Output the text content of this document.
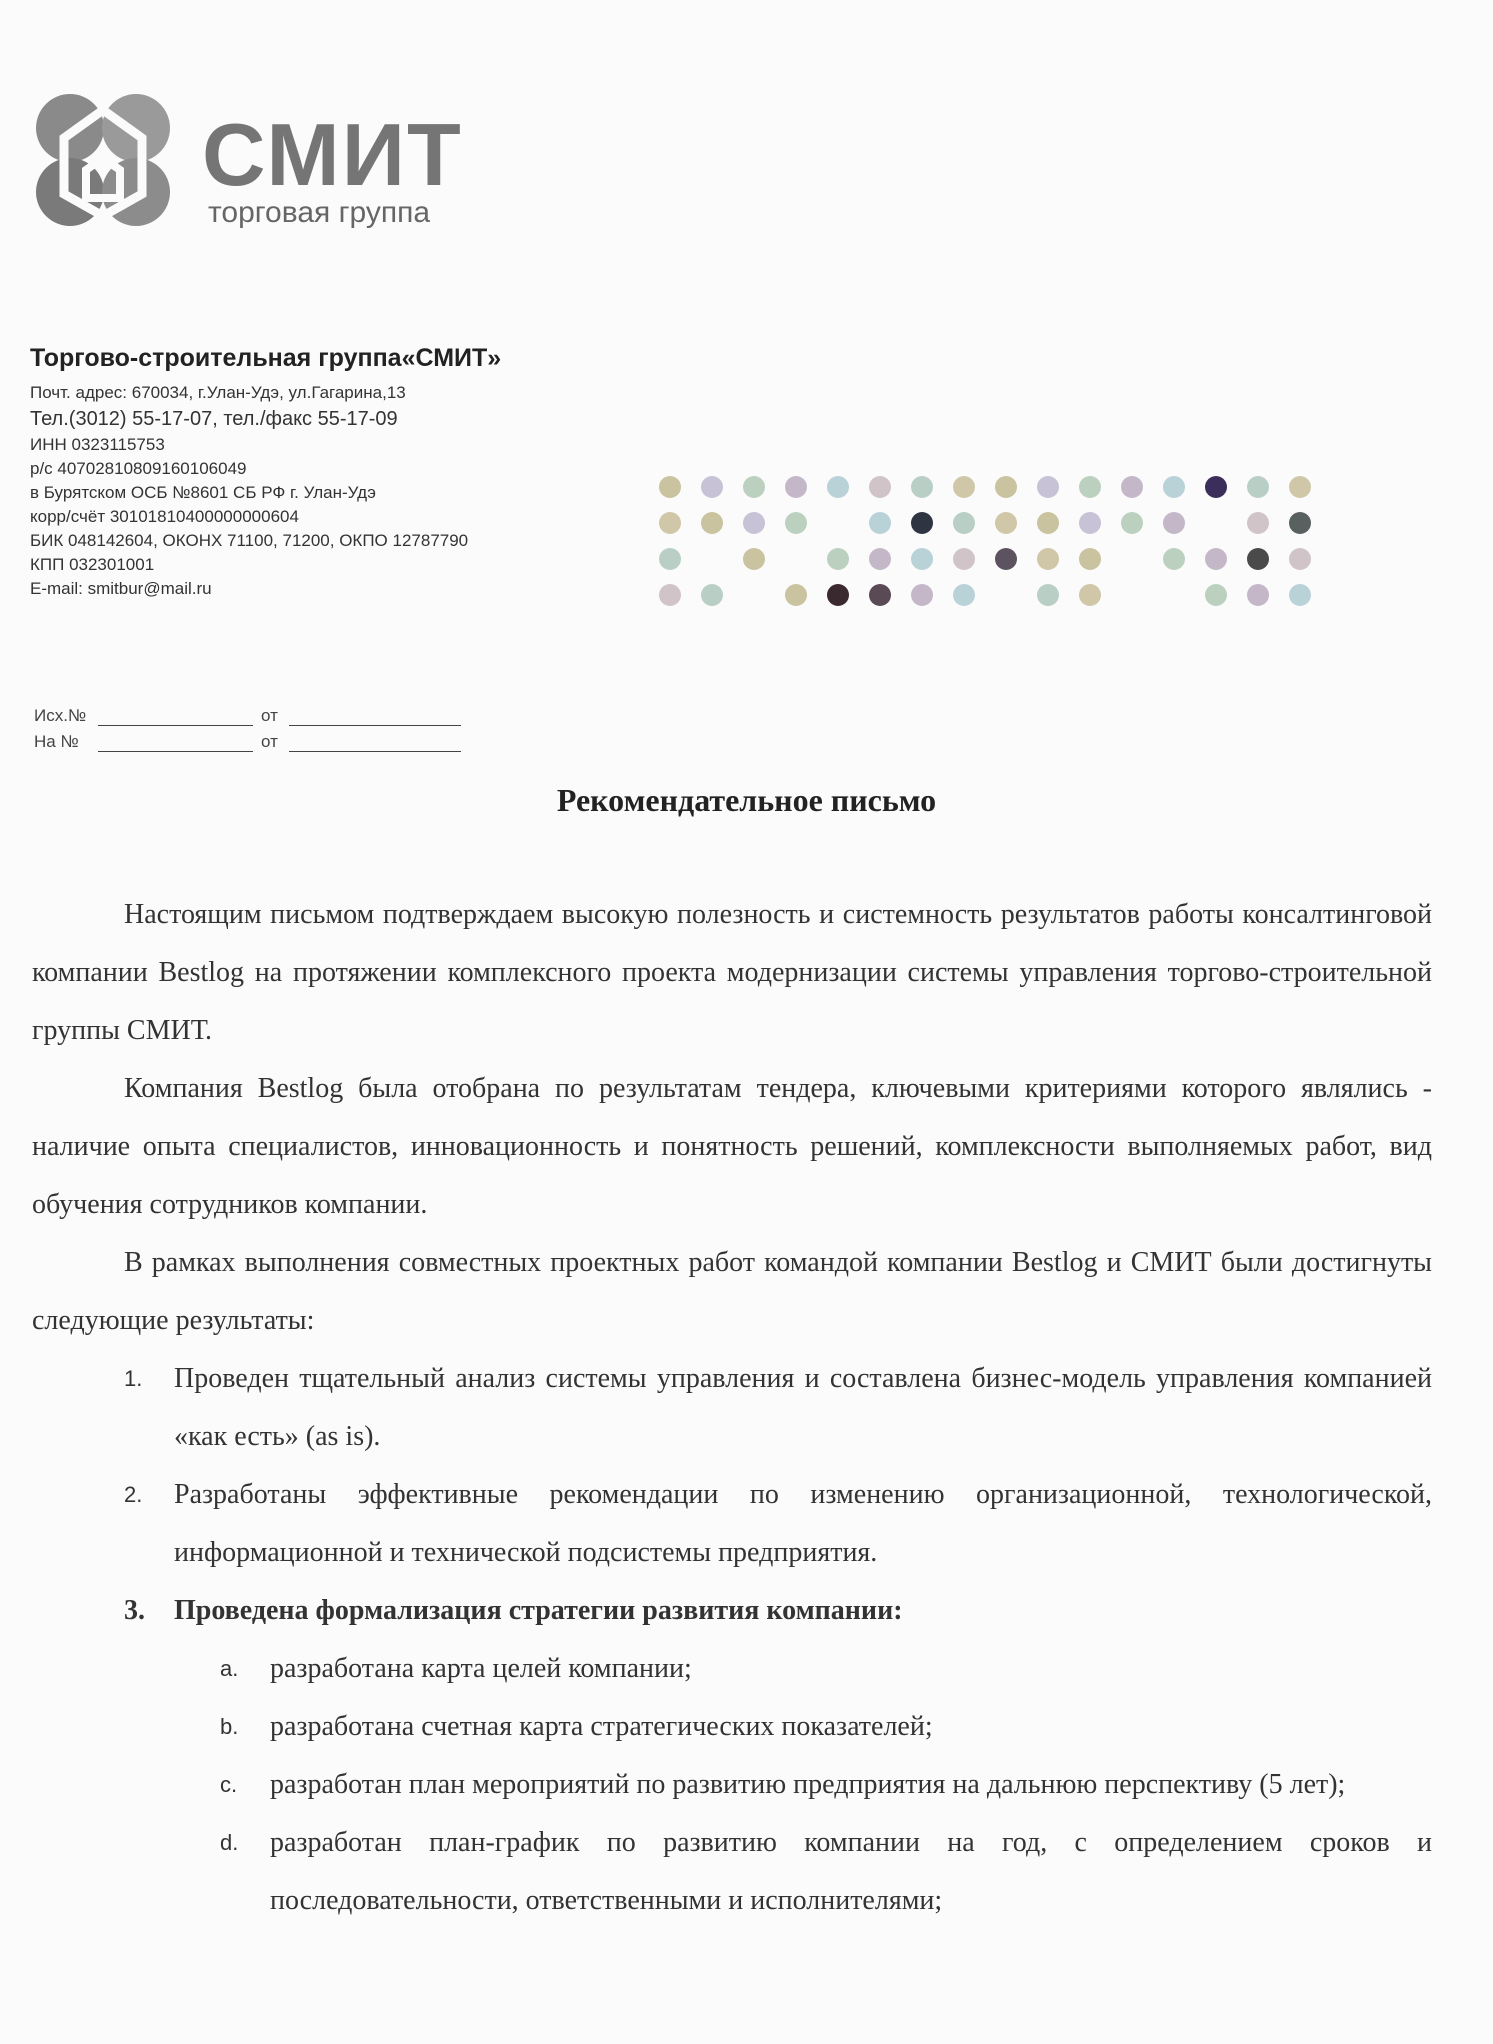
СМИТ
торговая группа
Торгово-строительная группа«СМИТ»
Почт. адрес: 670034, г.Улан-Удэ, ул.Гагарина,13
Тел.(3012) 55-17-07, тел./факс 55-17-09
ИНН 0323115753
р/с 40702810809160106049
в Бурятском ОСБ №8601 СБ РФ г. Улан-Удэ
корр/счёт 30101810400000000604
БИК 048142604, ОКОНХ 71100, 71200, ОКПО 12787790
КПП 032301001
E-mail: smitbur@mail.ru
Исх.№	от
На №	от
Рекомендательное письмо

Настоящим письмом подтверждаем высокую полезность и системность результатов работы консалтинговой компании Bestlog на протяжении комплексного проекта модернизации системы управления торгово-строительной группы СМИТ.

Компания Bestlog была отобрана по результатам тендера, ключевыми критериями которого являлись - наличие опыта специалистов, инновационность и понятность решений, комплексности выполняемых работ, вид обучения сотрудников компании.

В рамках выполнения совместных проектных работ командой компании Bestlog и СМИТ были достигнуты следующие результаты:

1. Проведен тщательный анализ системы управления и составлена бизнес-модель управления компанией «как есть» (as is).
2. Разработаны эффективные рекомендации по изменению организационной, технологической, информационной и технической подсистемы предприятия.
3. Проведена формализация стратегии развития компании:
a. разработана карта целей компании;
b. разработана счетная карта стратегических показателей;
c. разработан план мероприятий по развитию предприятия на дальнюю перспективу (5 лет);
d. разработан план-график по развитию компании на год, с определением сроков и последовательности, ответственными и исполнителями;
